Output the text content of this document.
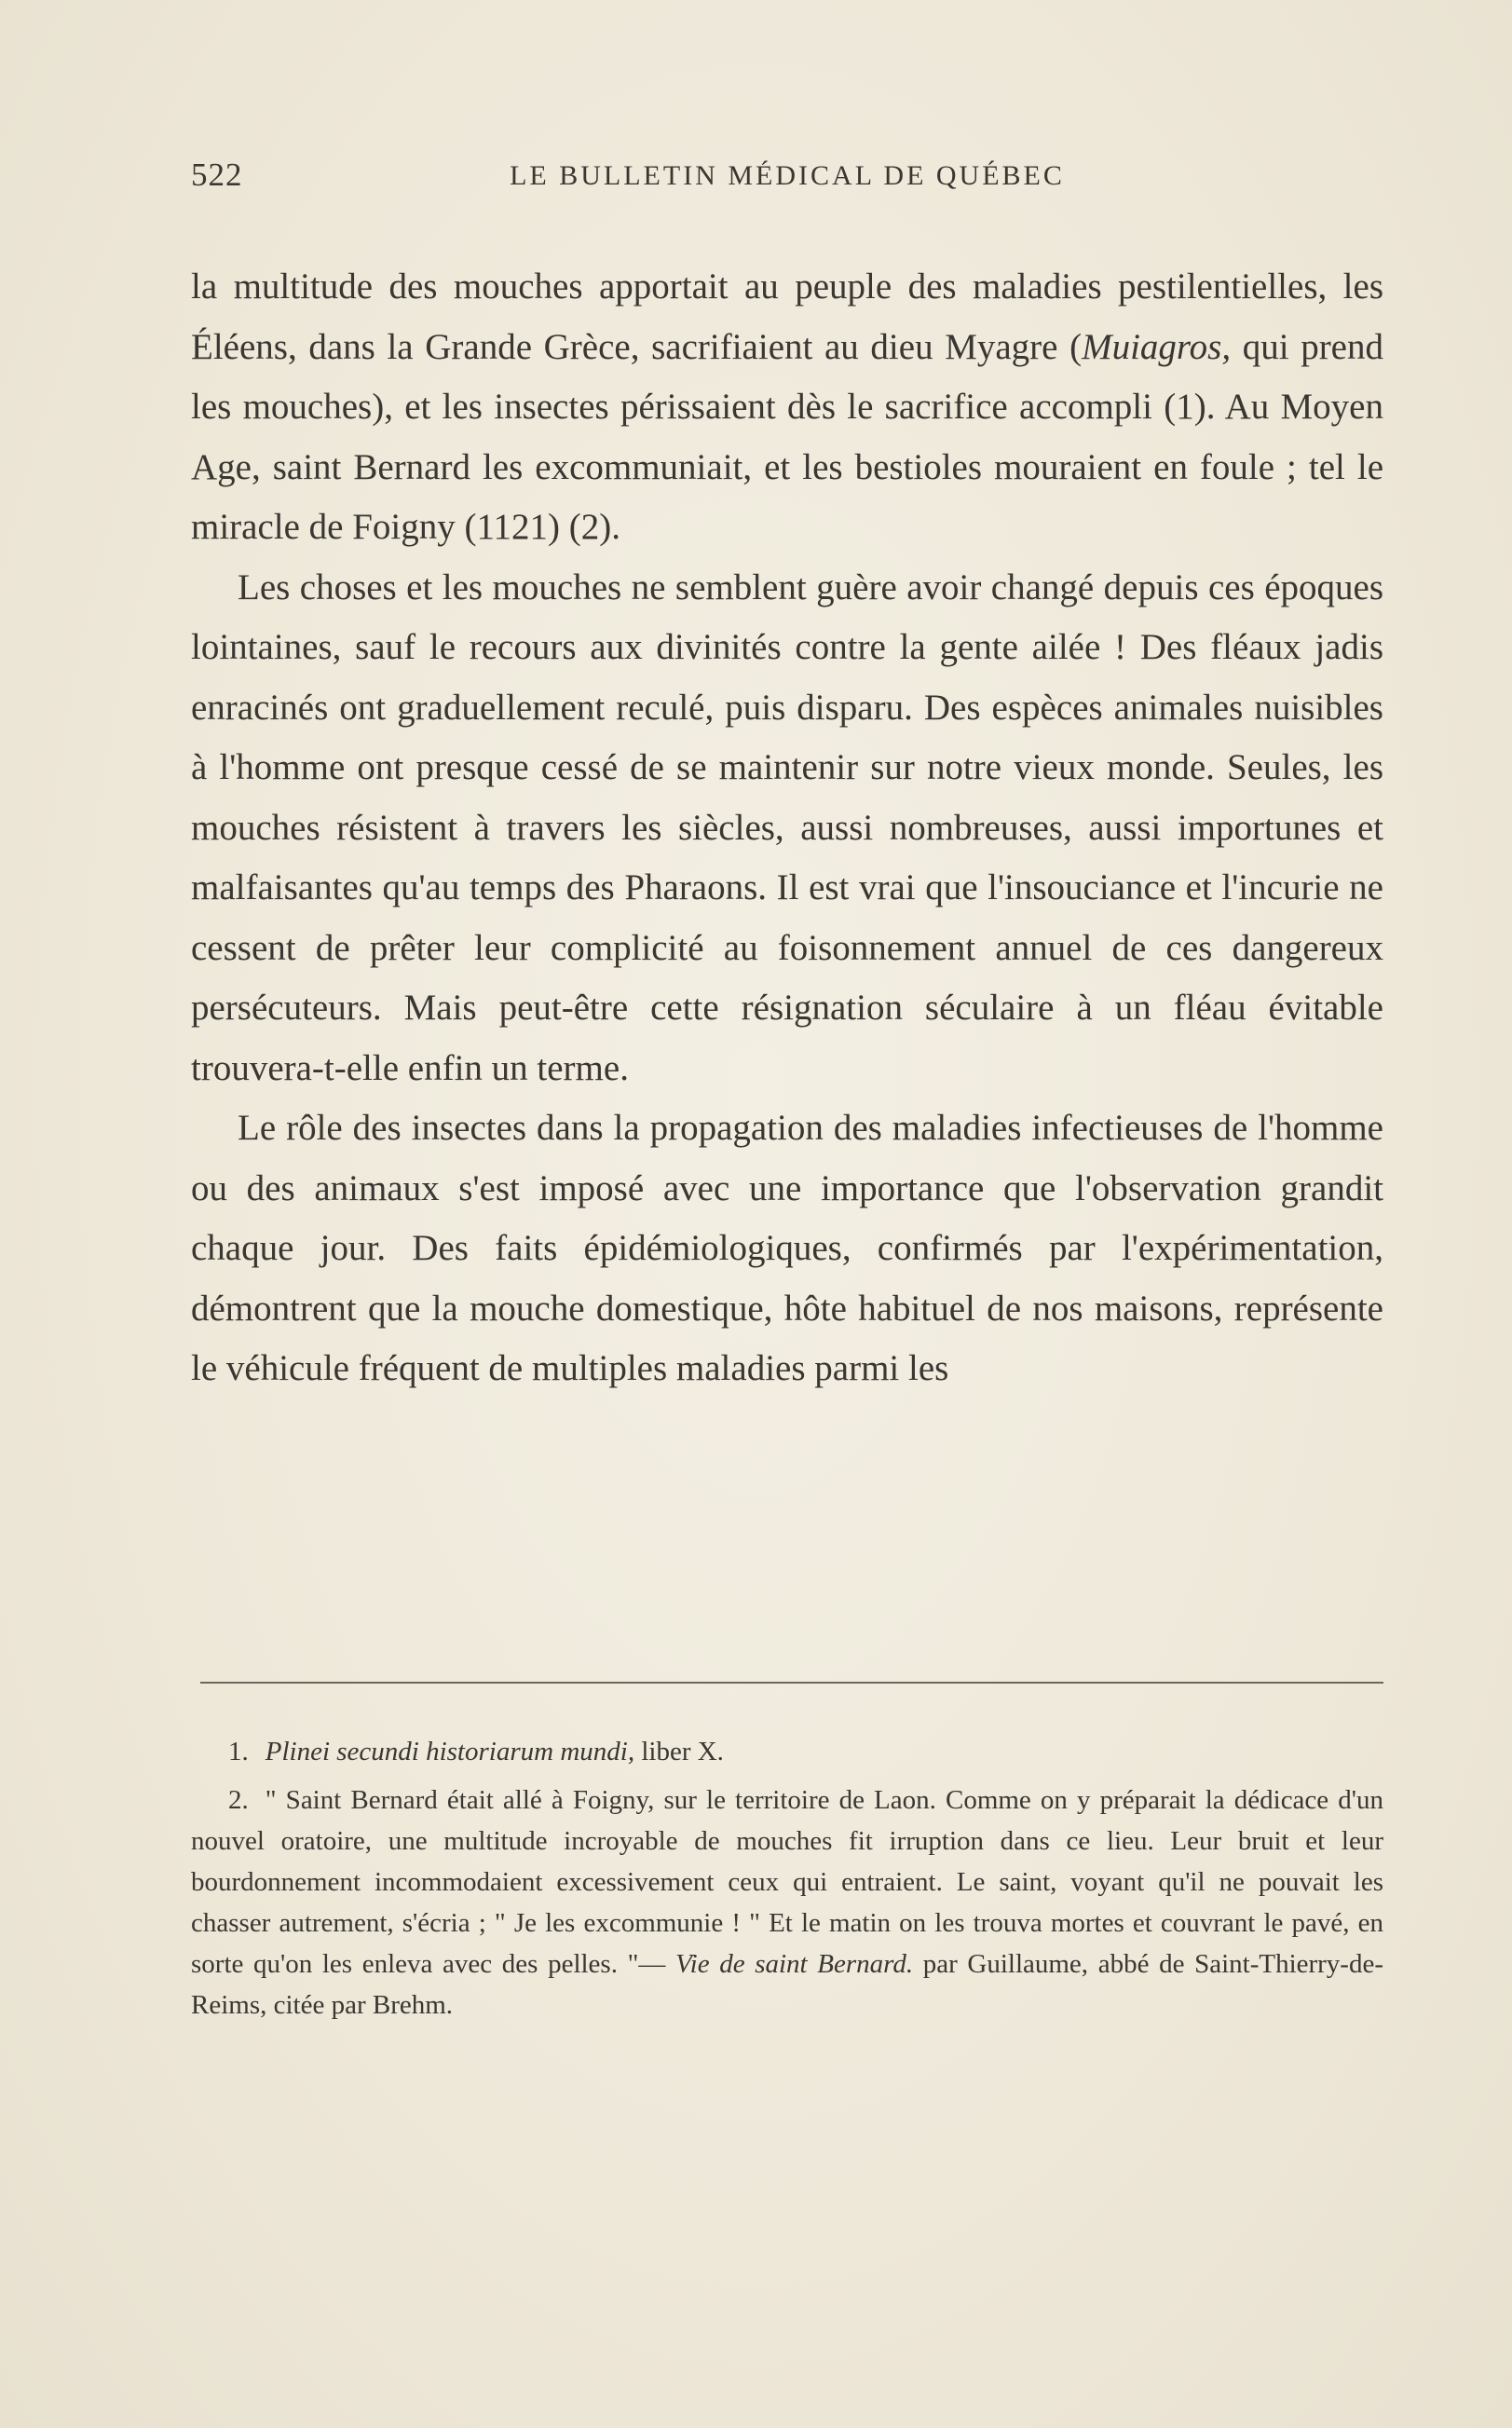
522	LE BULLETIN MÉDICAL DE QUÉBEC

la multitude des mouches apportait au peuple des maladies pestilentielles, les Éléens, dans la Grande Grèce, sacrifiaient au dieu Myagre (Muiagros, qui prend les mouches), et les insectes périssaient dès le sacrifice accompli (1). Au Moyen Age, saint Bernard les excommuniait, et les bestioles mouraient en foule ; tel le miracle de Foigny (1121) (2).

Les choses et les mouches ne semblent guère avoir changé depuis ces époques lointaines, sauf le recours aux divinités contre la gente ailée ! Des fléaux jadis enracinés ont graduellement reculé, puis disparu. Des espèces animales nuisibles à l'homme ont presque cessé de se maintenir sur notre vieux monde. Seules, les mouches résistent à travers les siècles, aussi nombreuses, aussi importunes et malfaisantes qu'au temps des Pharaons. Il est vrai que l'insouciance et l'incurie ne cessent de prêter leur complicité au foisonnement annuel de ces dangereux persécuteurs. Mais peut-être cette résignation séculaire à un fléau évitable trouvera-t-elle enfin un terme.

Le rôle des insectes dans la propagation des maladies infectieuses de l'homme ou des animaux s'est imposé avec une importance que l'observation grandit chaque jour. Des faits épidémiologiques, confirmés par l'expérimentation, démontrent que la mouche domestique, hôte habituel de nos maisons, représente le véhicule fréquent de multiples maladies parmi les

1. Plinei secundi historiarum mundi, liber X.

2. " Saint Bernard était allé à Foigny, sur le territoire de Laon. Comme on y préparait la dédicace d'un nouvel oratoire, une multitude incroyable de mouches fit irruption dans ce lieu. Leur bruit et leur bourdonnement incommodaient excessivement ceux qui entraient. Le saint, voyant qu'il ne pouvait les chasser autrement, s'écria ; " Je les excommunie ! " Et le matin on les trouva mortes et couvrant le pavé, en sorte qu'on les enleva avec des pelles. "— Vie de saint Bernard. par Guillaume, abbé de Saint-Thierry-de-Reims, citée par Brehm.
